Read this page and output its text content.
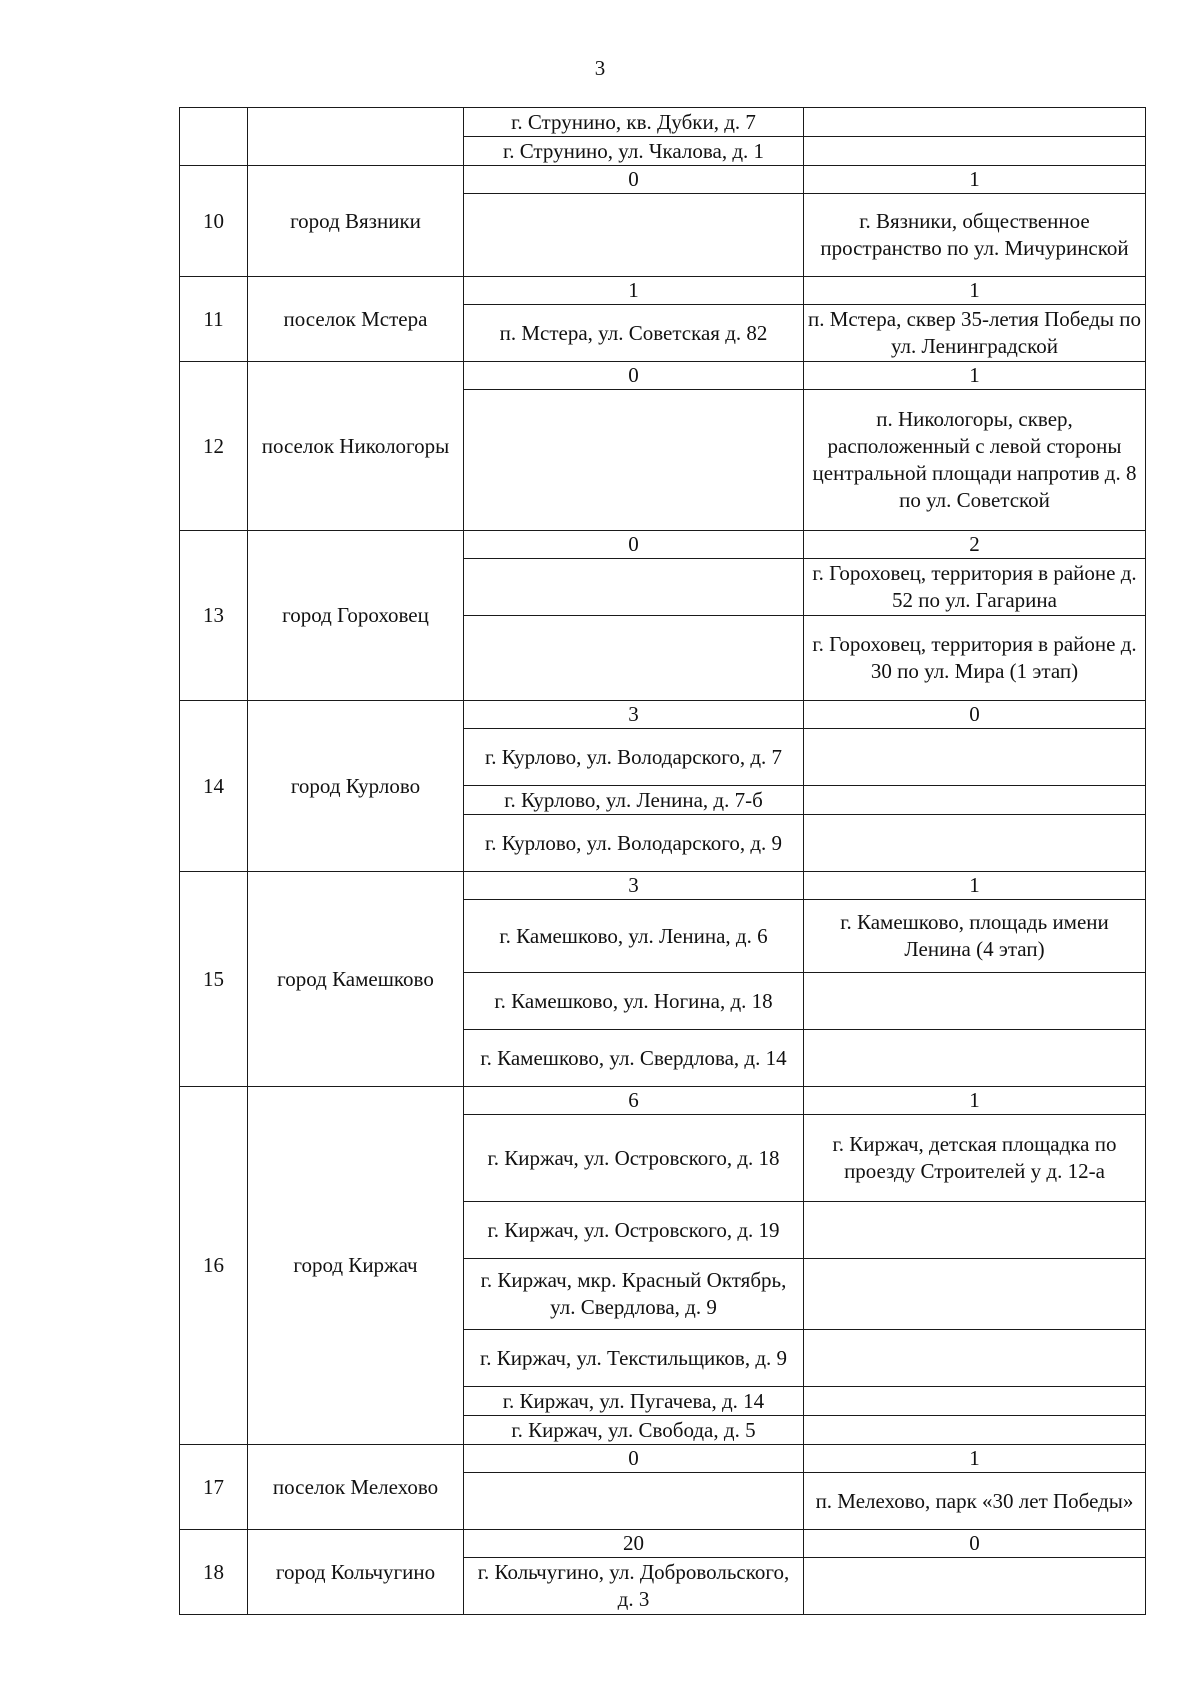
3
		г. Струнино, кв. Дубки, д. 7	
		г. Струнино, ул. Чкалова, д. 1	
10	город Вязники	0	1
			г. Вязники, общественное пространство по ул. Мичуринской
11	поселок Мстера	1	1
		п. Мстера, ул. Советская д. 82	п. Мстера, сквер 35-летия Победы по ул. Ленинградской
12	поселок Никологоры	0	1
			п. Никологоры, сквер, расположенный с левой стороны центральной площади напротив д. 8 по ул. Советской
13	город Гороховец	0	2
			г. Гороховец, территория в районе д. 52 по ул. Гагарина
			г. Гороховец, территория в районе д. 30 по ул. Мира (1 этап)
14	город Курлово	3	0
		г. Курлово, ул. Володарского, д. 7	
		г. Курлово, ул. Ленина, д. 7-б	
		г. Курлово, ул. Володарского, д. 9	
15	город Камешково	3	1
		г. Камешково, ул. Ленина, д. 6	г. Камешково, площадь имени Ленина (4 этап)
		г. Камешково, ул. Ногина, д. 18	
		г. Камешково, ул. Свердлова, д. 14	
16	город Киржач	6	1
		г. Киржач, ул. Островского, д. 18	г. Киржач, детская площадка по проезду Строителей у д. 12-а
		г. Киржач, ул. Островского, д. 19	
		г. Киржач, мкр. Красный Октябрь, ул. Свердлова, д. 9	
		г. Киржач, ул. Текстильщиков, д. 9	
		г. Киржач, ул. Пугачева, д. 14	
		г. Киржач, ул. Свобода, д. 5	
17	поселок Мелехово	0	1
			п. Мелехово, парк «30 лет Победы»
18	город Кольчугино	20	0
		г. Кольчугино, ул. Добровольского, д. 3	
